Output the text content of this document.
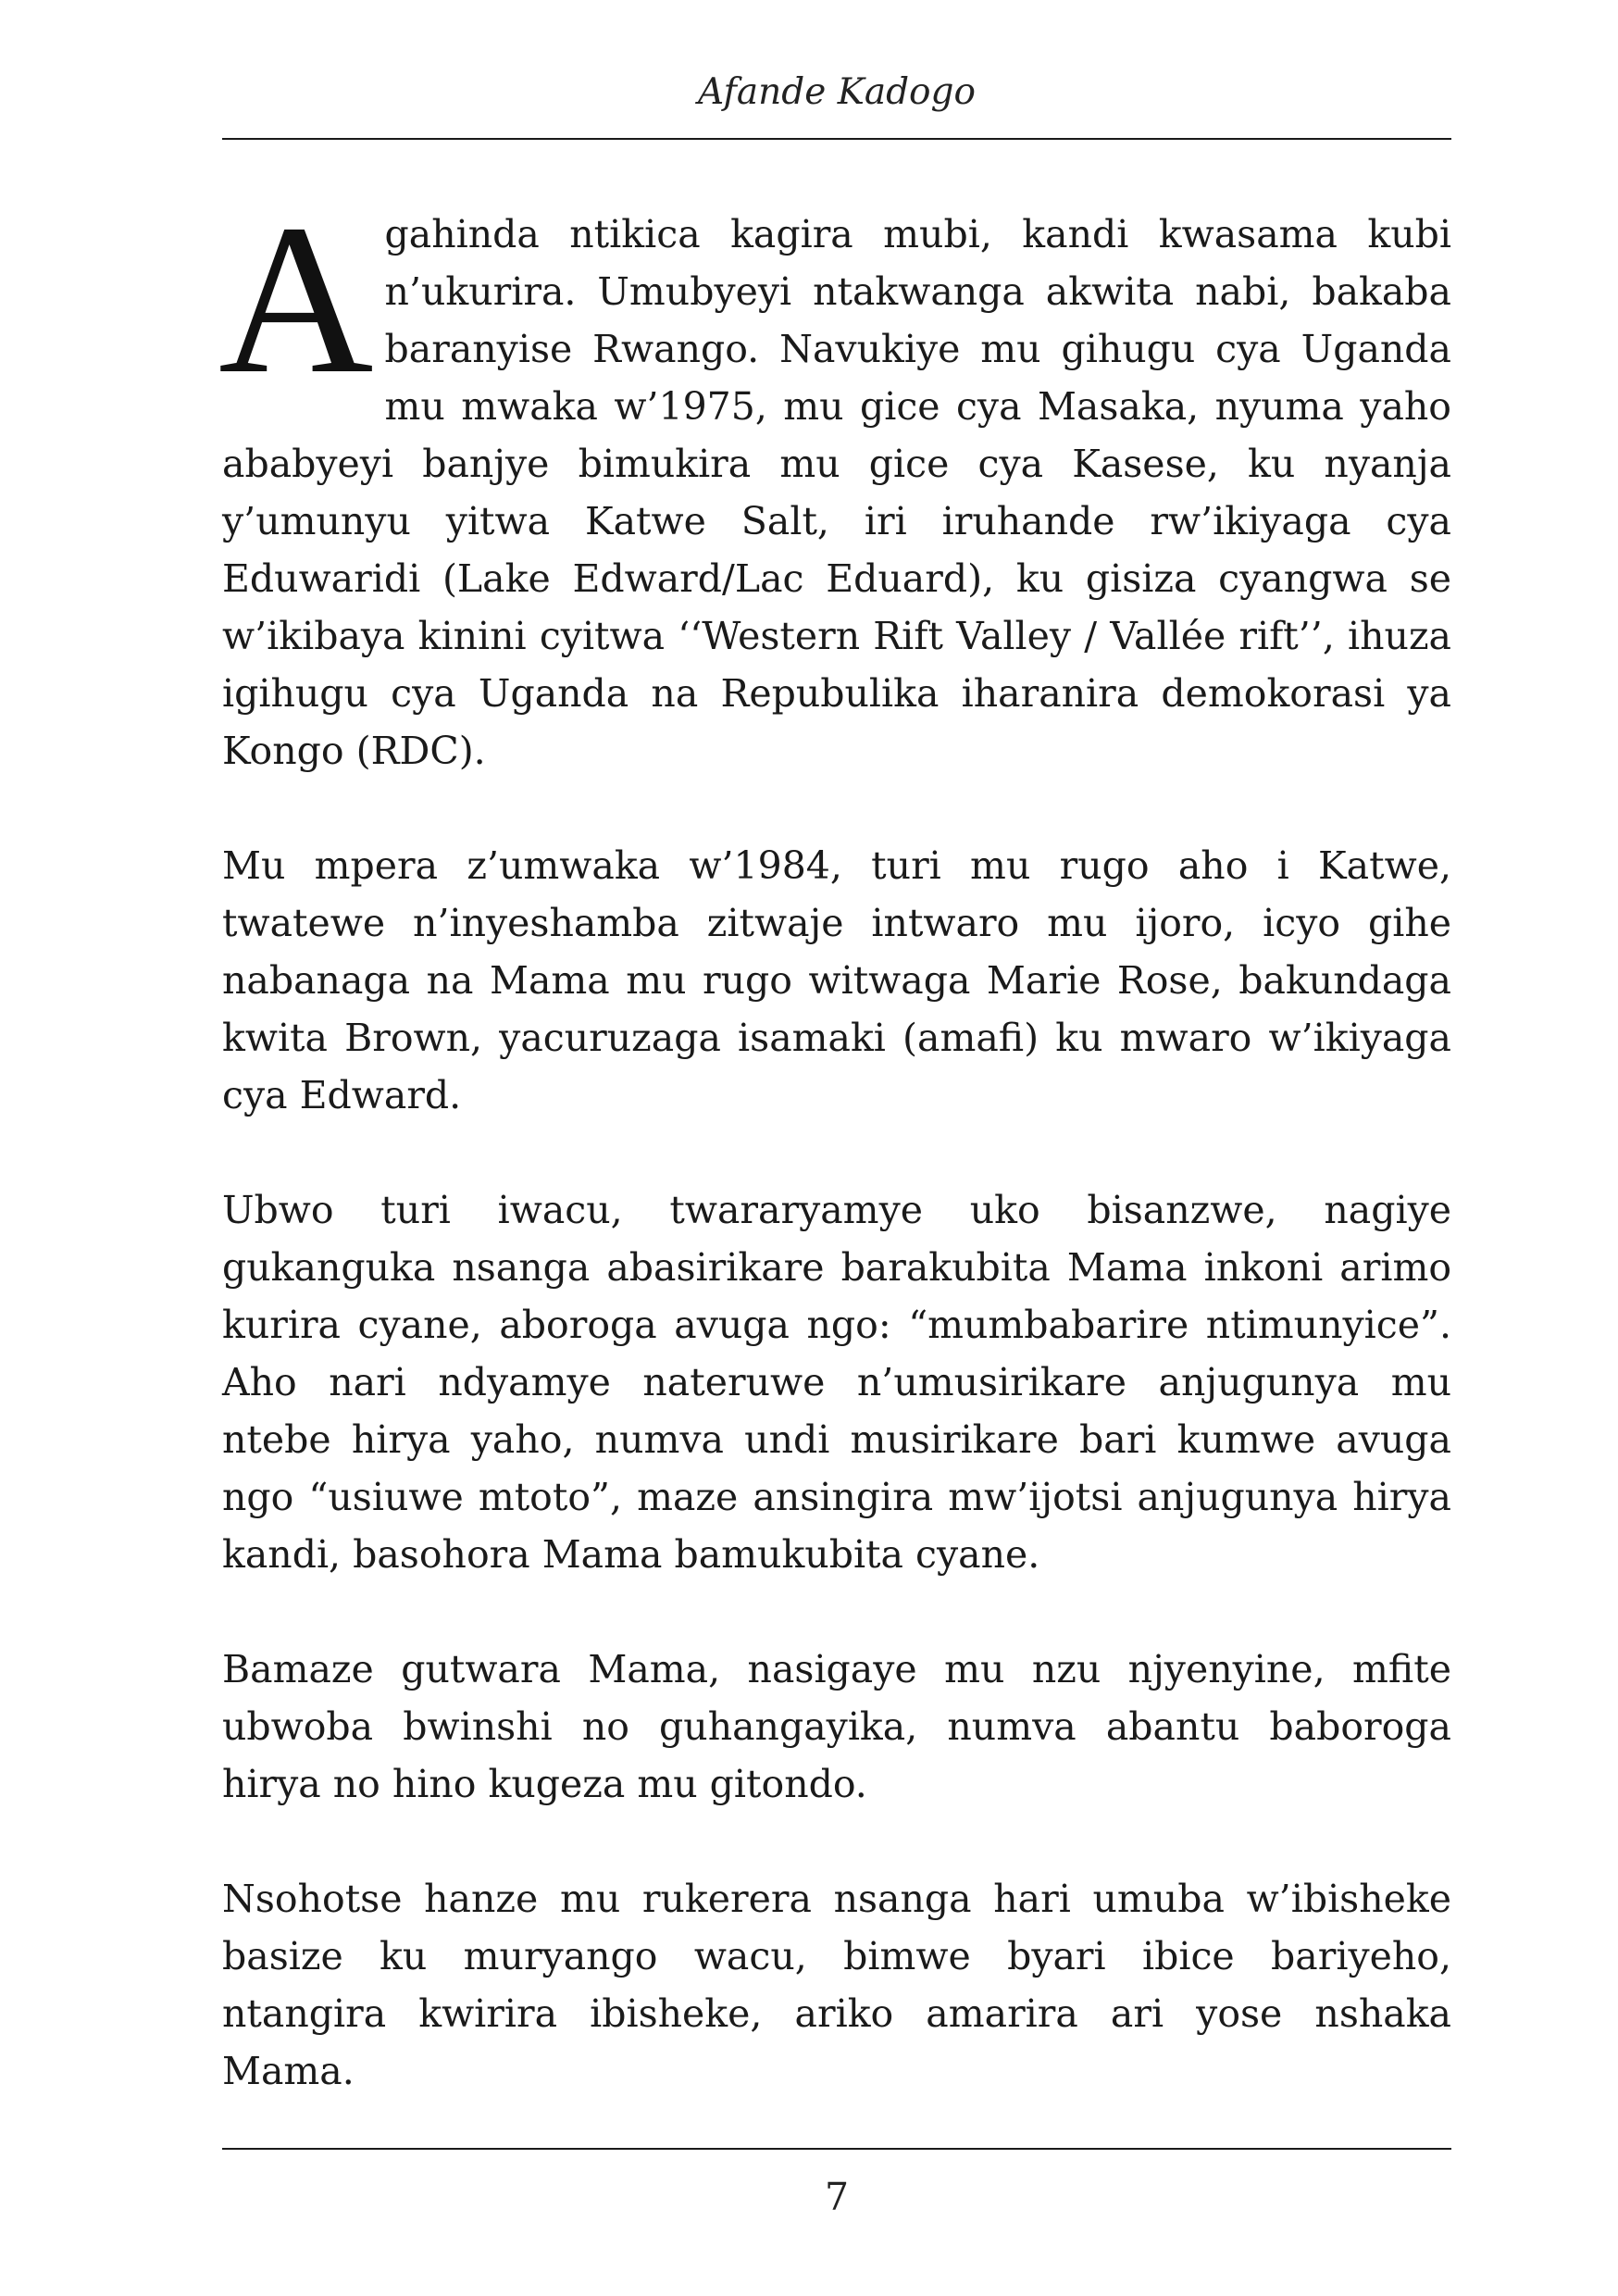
Afande Kadogo

Agahinda ntikica kagira mubi, kandi kwasama kubi n’ukurira. Umubyeyi ntakwanga akwita nabi, bakaba baranyise Rwango. Navukiye mu gihugu cya Uganda mu mwaka w’1975, mu gice cya Masaka, nyuma yaho ababyeyi banjye bimukira mu gice cya Kasese, ku nyanja y’umunyu yitwa Katwe Salt, iri iruhande rw’ikiyaga cya Eduwaridi (Lake Edward/Lac Eduard), ku gisiza cyangwa se w’ikibaya kinini cyitwa ‘‘Western Rift Valley / Vallée rift’’, ihuza igihugu cya Uganda na Repubulika iharanira demokorasi ya Kongo (RDC).

Mu mpera z’umwaka w’1984, turi mu rugo aho i Katwe, twatewe n’inyeshamba zitwaje intwaro mu ijoro, icyo gihe nabanaga na Mama mu rugo witwaga Marie Rose, bakundaga kwita Brown, yacuruzaga isamaki (amafi) ku mwaro w’ikiyaga cya Edward.

Ubwo turi iwacu, twararyamye uko bisanzwe, nagiye gukanguka nsanga abasirikare barakubita Mama inkoni arimo kurira cyane, aboroga avuga ngo: “mumbabarire ntimunyice”. Aho nari ndyamye nateruwe n’umusirikare anjugunya mu ntebe hirya yaho, numva undi musirikare bari kumwe avuga ngo “usiuwe mtoto”, maze ansingira mw’ijotsi anjugunya hirya kandi, basohora Mama bamukubita cyane.

Bamaze gutwara Mama, nasigaye mu nzu njyenyine, mfite ubwoba bwinshi no guhangayika, numva abantu baboroga hirya no hino kugeza mu gitondo.

Nsohotse hanze mu rukerera nsanga hari umuba w’ibisheke basize ku muryango wacu, bimwe byari ibice bariyeho, ntangira kwirira ibisheke, ariko amarira ari yose nshaka Mama.

7
